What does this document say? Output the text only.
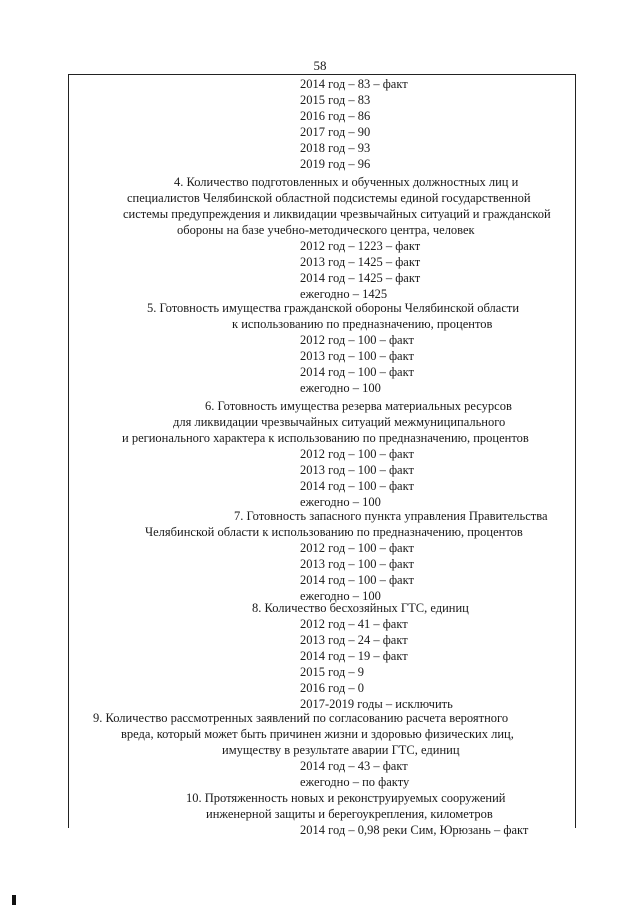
58
2014 год – 83 – факт
2015 год – 83
2016 год – 86
2017 год – 90
2018 год – 93
2019 год – 96
4. Количество подготовленных и обученных должностных лиц и
специалистов Челябинской областной подсистемы единой государственной
системы предупреждения и ликвидации чрезвычайных ситуаций и гражданской
обороны на базе учебно-методического центра, человек
2012 год – 1223 – факт
2013 год – 1425 – факт
2014 год – 1425 – факт
ежегодно – 1425
5. Готовность имущества гражданской обороны Челябинской области
к использованию по предназначению, процентов
2012 год – 100 – факт
2013 год – 100 – факт
2014 год – 100 – факт
ежегодно – 100
6. Готовность имущества резерва материальных ресурсов
для ликвидации чрезвычайных ситуаций межмуниципального
и регионального характера к использованию по предназначению, процентов
2012 год – 100 – факт
2013 год – 100 – факт
2014 год – 100 – факт
ежегодно – 100
7. Готовность запасного пункта управления Правительства
Челябинской области к использованию по предназначению, процентов
2012 год – 100 – факт
2013 год – 100 – факт
2014 год – 100 – факт
ежегодно – 100
8. Количество бесхозяйных ГТС, единиц
2012 год – 41 – факт
2013 год – 24 – факт
2014 год – 19 – факт
2015 год – 9
2016 год – 0
2017-2019 годы – исключить
9. Количество рассмотренных заявлений по согласованию расчета вероятного
вреда, который может быть причинен жизни и здоровью физических лиц,
имуществу в результате аварии ГТС, единиц
2014 год – 43 – факт
ежегодно – по факту
10. Протяженность новых и реконструируемых сооружений
инженерной защиты и берегоукрепления, километров
2014 год – 0,98 реки Сим, Юрюзань – факт
